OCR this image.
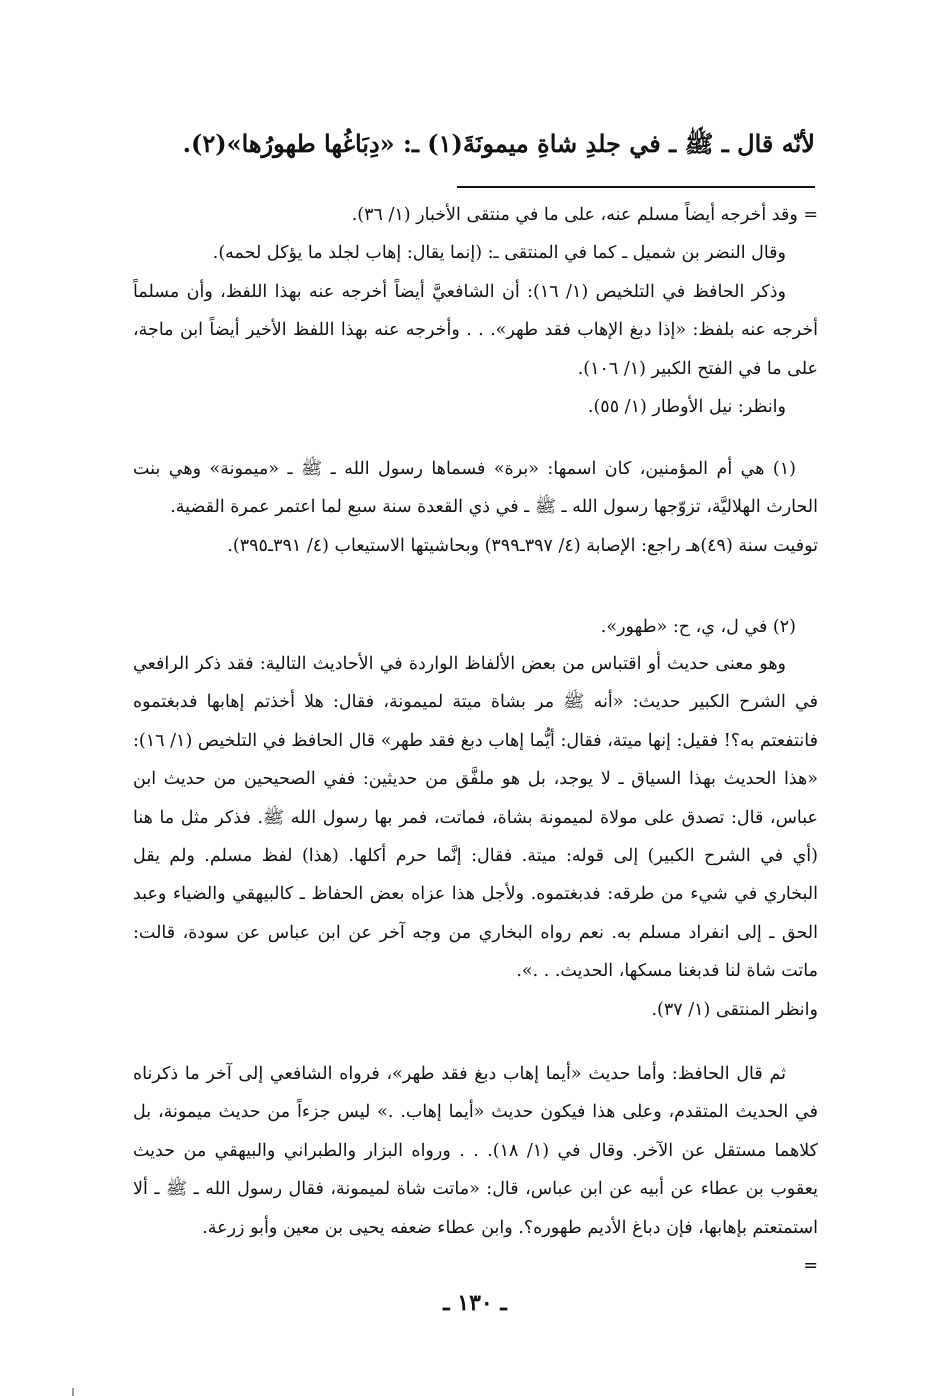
لأنّه قال ـ ﷺ ـ في جلدِ شاةِ ميمونَةَ(١) ـ: «دِبَاغُها طهورُها»(٢).

= وقد أخرجه أيضاً مسلم عنه، على ما في منتقى الأخبار (١/ ٣٦).

وقال النضر بن شميل ـ كما في المنتقى ـ: (إنما يقال: إهاب لجلد ما يؤكل لحمه).

وذكر الحافظ في التلخيص (١/ ١٦): أن الشافعيَّ أيضاً أخرجه عنه بهذا اللفظ، وأن مسلماً أخرجه عنه بلفظ: «إذا دبغ الإهاب فقد طهر». . . وأخرجه عنه بهذا اللفظ الأخير أيضاً ابن ماجة، على ما في الفتح الكبير (١/ ١٠٦).

وانظر: نيل الأوطار (١/ ٥٥).

(١) هي أم المؤمنين، كان اسمها: «برة» فسماها رسول الله ـ ﷺ ـ «ميمونة» وهي بنت الحارث الهلاليَّة، تزوّجها رسول الله ـ ﷺ ـ في ذي القعدة سنة سبع لما اعتمر عمرة القضية.

توفيت سنة (٤٩)هـ راجع: الإصابة (٤/ ٣٩٧ـ٣٩٩) وبحاشيتها الاستيعاب (٤/ ٣٩١ـ٣٩٥).

(٢) في ل، ي، ح: «طهور».

وهو معنى حديث أو اقتباس من بعض الألفاظ الواردة في الأحاديث التالية: فقد ذكر الرافعي في الشرح الكبير حديث: «أنه ﷺ مر بشاة ميتة لميمونة، فقال: هلا أخذتم إهابها فدبغتموه فانتفعتم به؟! فقيل: إنها ميتة، فقال: أيُّما إهاب دبغ فقد طهر» قال الحافظ في التلخيص (١/ ١٦): «هذا الحديث بهذا السياق ـ لا يوجد، بل هو ملفَّق من حديثين: ففي الصحيحين من حديث ابن عباس، قال: تصدق على مولاة لميمونة بشاة، فماتت، فمر بها رسول الله ﷺ. فذكر مثل ما هنا (أي في الشرح الكبير) إلى قوله: ميتة. فقال: إنَّما حرم أكلها. (هذا) لفظ مسلم. ولم يقل البخاري في شيء من طرقه: فدبغتموه. ولأجل هذا عزاه بعض الحفاظ ـ كالبيهقي والضياء وعبد الحق ـ إلى انفراد مسلم به. نعم رواه البخاري من وجه آخر عن ابن عباس عن سودة، قالت: ماتت شاة لنا فدبغنا مسكها، الحديث. . .».

وانظر المنتقى (١/ ٣٧).

ثم قال الحافظ: وأما حديث «أيما إهاب دبغ فقد طهر»، فرواه الشافعي إلى آخر ما ذكرناه في الحديث المتقدم، وعلى هذا فيكون حديث «أيما إهاب. .» ليس جزءاً من حديث ميمونة، بل كلاهما مستقل عن الآخر. وقال في (١/ ١٨). . . ورواه البزار والطبراني والبيهقي من حديث يعقوب بن عطاء عن أبيه عن ابن عباس، قال: «ماتت شاة لميمونة، فقال رسول الله ـ ﷺ ـ ألا استمتعتم بإهابها، فإن دباغ الأديم طهوره؟. وابن عطاء ضعفه يحيى بن معين وأبو زرعة.

=

ـ ١٣٠ ـ
